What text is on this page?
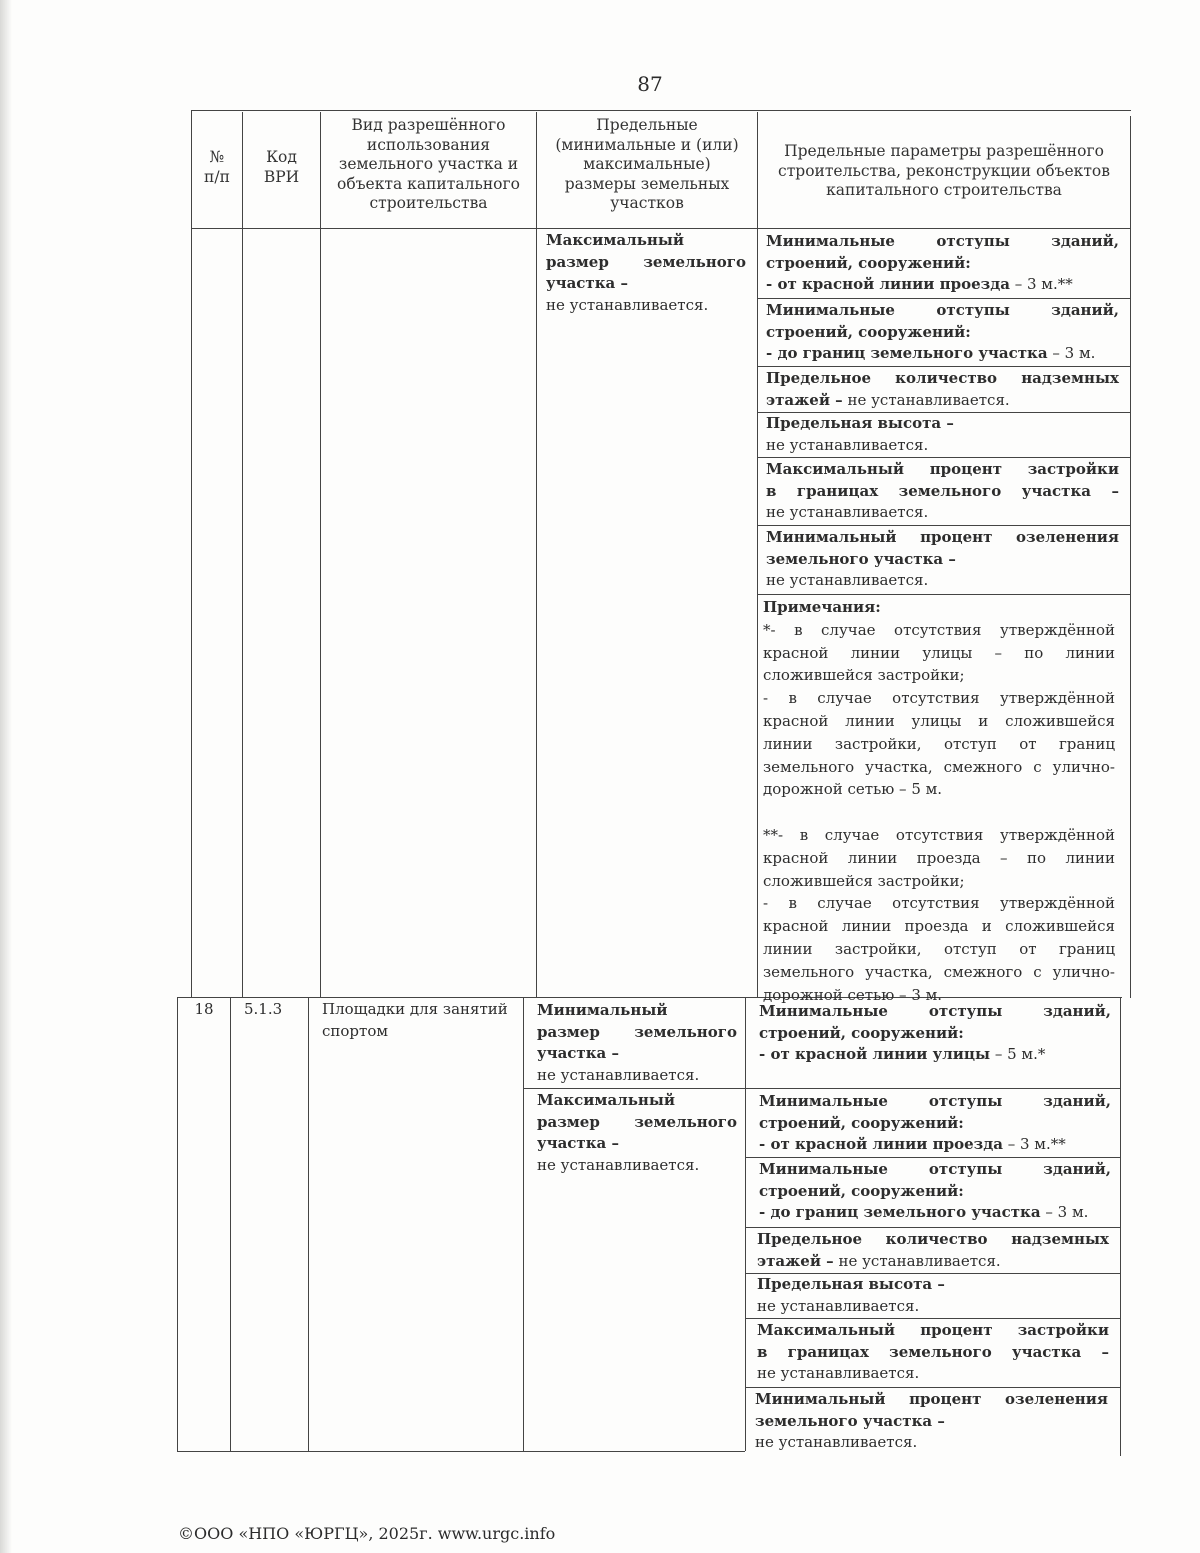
87
№
п/п
Код
ВРИ
Вид разрешённого
использования
земельного участка и
объекта капитального
строительства
Предельные
(минимальные и (или)
максимальные)
размеры земельных
участков
Предельные параметры разрешённого
строительства, реконструкции объектов
капитального строительства
Максимальный
размер земельного
участка –
не устанавливается.
Минимальные отступы зданий,
строений, сооружений:
- от красной линии проезда – 3 м.**
Минимальные отступы зданий,
строений, сооружений:
- до границ земельного участка – 3 м.
Предельное количество надземных
этажей – не устанавливается.
Предельная высота –
не устанавливается.
Максимальный процент застройки
в границах земельного участка –
не устанавливается.
Минимальный процент озеленения
земельного участка –
не устанавливается.
Примечания:
*- в случае отсутствия утверждённой
красной линии улицы – по линии
сложившейся застройки;
- в случае отсутствия утверждённой
красной линии улицы и сложившейся
линии застройки, отступ от границ
земельного участка, смежного с улично-
дорожной сетью – 5 м.
**- в случае отсутствия утверждённой
красной линии проезда – по линии
сложившейся застройки;
- в случае отсутствия утверждённой
красной линии проезда и сложившейся
линии застройки, отступ от границ
земельного участка, смежного с улично-
дорожной сетью – 3 м.
18	5.1.3	Площадки для занятий
спортом
Минимальный
размер земельного
участка –
не устанавливается.
Максимальный
размер земельного
участка –
не устанавливается.
Минимальные отступы зданий,
строений, сооружений:
- от красной линии улицы – 5 м.*
Минимальные отступы зданий,
строений, сооружений:
- от красной линии проезда – 3 м.**
Минимальные отступы зданий,
строений, сооружений:
- до границ земельного участка – 3 м.
Предельное количество надземных
этажей – не устанавливается.
Предельная высота –
не устанавливается.
Максимальный процент застройки
в границах земельного участка –
не устанавливается.
Минимальный процент озеленения
земельного участка –
не устанавливается.
©ООО «НПО «ЮРГЦ», 2025г. www.urgc.info
